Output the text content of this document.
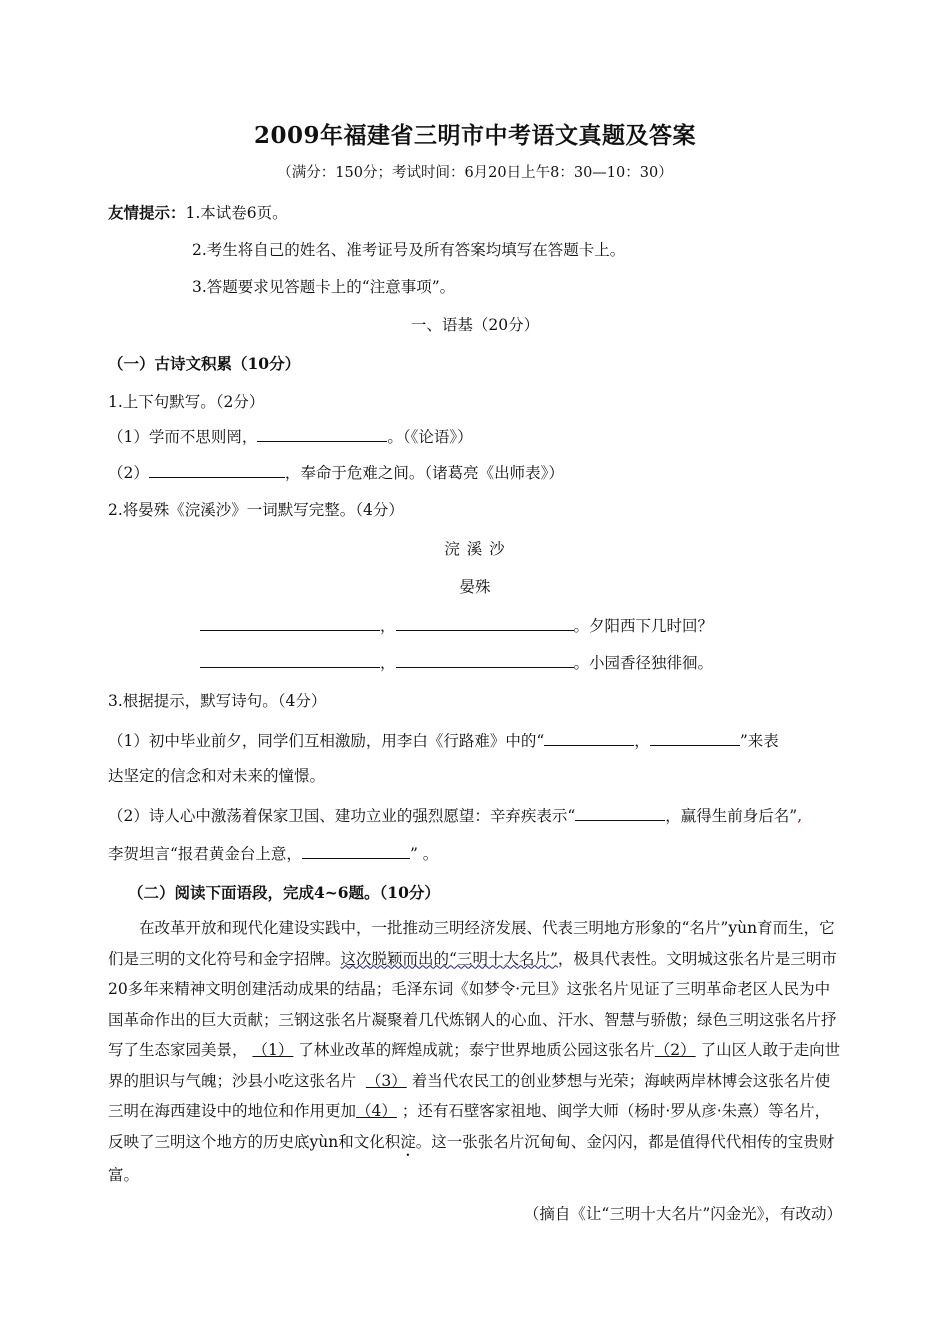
2009年福建省三明市中考语文真题及答案
（满分：150分；考试时间：6月20日上午8：30—10：30）
友情提示：1.本试卷6页。
2.考生将自己的姓名、准考证号及所有答案均填写在答题卡上。
3.答题要求见答题卡上的“注意事项”。
一、语基（20分）
（一）古诗文积累（10分）
1.上下句默写。（2分）
（1）学而不思则罔，	。（《论语》）
（2）	，奉命于危难之间。（诸葛亮《出师表》）
2.将晏殊《浣溪沙》一词默写完整。（4分）
浣 溪 沙
晏殊
，	。夕阳西下几时回？
，	。小园香径独徘徊。
3.根据提示，默写诗句。（4分）
（1）初中毕业前夕，同学们互相激励，用李白《行路难》中的“	，	”来表
达坚定的信念和对未来的憧憬。
（2）诗人心中激荡着保家卫国、建功立业的强烈愿望：辛弃疾表示“	，赢得生前身后名”,
李贺坦言“报君黄金台上意，	” 。
（二）阅读下面语段，完成4~6题。（10分）

在改革开放和现代化建设实践中，一批推动三明经济发展、代表三明地方形象的“名片”yùn育而生，它们是三明的文化符号和金字招牌。这次脱颖而出的“三明十大名片”，极具代表性。文明城这张名片是三明市20多年来精神文明创建活动成果的结晶；毛泽东词《如梦令·元旦》这张名片见证了三明革命老区人民为中国革命作出的巨大贡献；三钢这张名片凝聚着几代炼钢人的心血、汗水、智慧与骄傲；绿色三明这张名片抒写了生态家园美景， （1） 了林业改革的辉煌成就；泰宁世界地质公园这张名片（2） 了山区人敢于走向世界的胆识与气魄；沙县小吃这张名片 （3） 着当代农民工的创业梦想与光荣；海峡两岸林博会这张名片使三明在海西建设中的地位和作用更加（4） ；还有石壁客家祖地、闽学大师（杨时·罗从彦·朱熹）等名片，反映了三明这个地方的历史底yùn和文化积淀。这一张张名片沉甸甸、金闪闪，都是值得代代相传的宝贵财富。

（摘自《让“三明十大名片”闪金光》，有改动）
